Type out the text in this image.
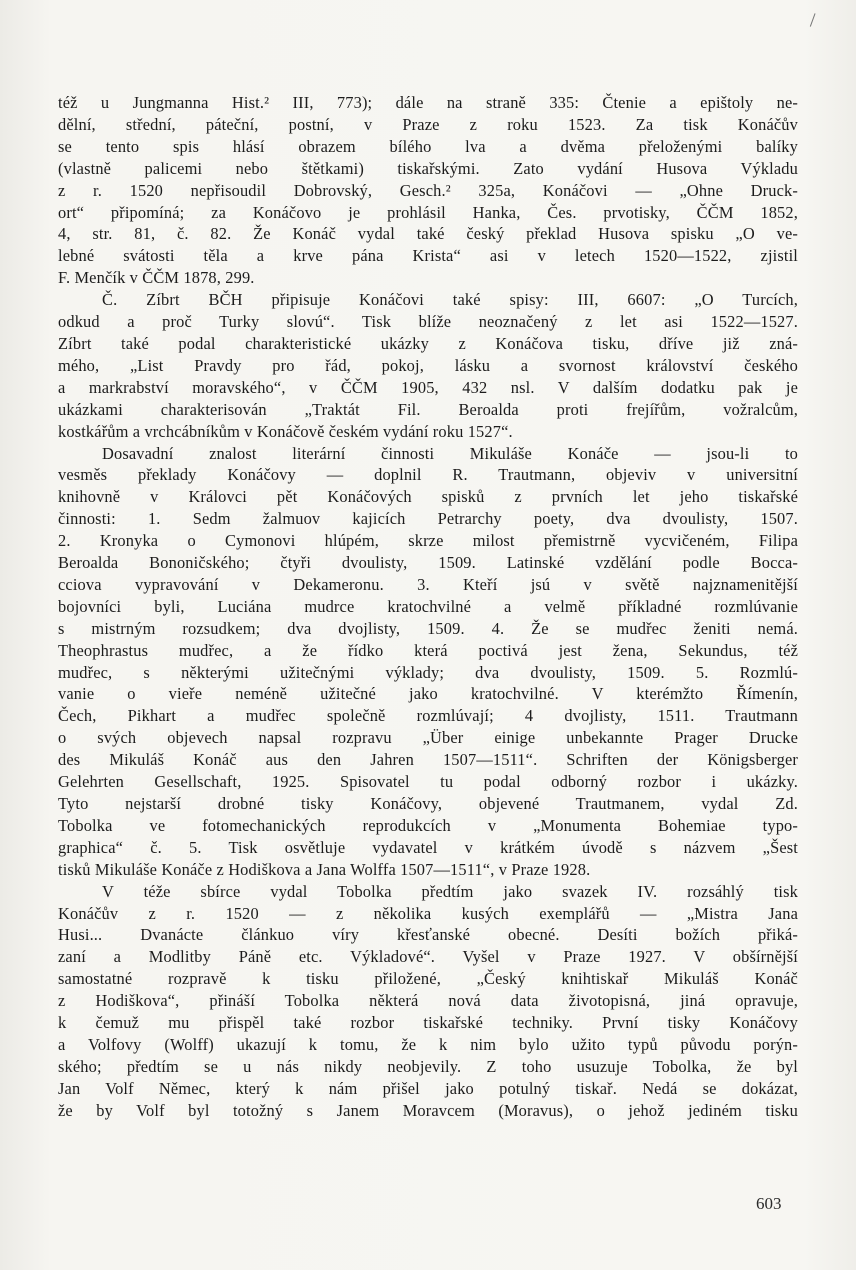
též u Jungmanna Hist.² III, 773); dále na straně 335: Čtenie a epištoly ne-
dělní, střední, páteční, postní, v Praze z roku 1523. Za tisk Konáčův
se tento spis hlásí obrazem bílého lva a dvěma přeloženými balíky
(vlastně palicemi nebo štětkami) tiskařskými. Zato vydání Husova Výkladu
z r. 1520 nepřisoudil Dobrovský, Gesch.² 325a, Konáčovi — „Ohne Druck-
ort“ připomíná; za Konáčovo je prohlásil Hanka, Čes. prvotisky, ČČM 1852,
4, str. 81, č. 82. Že Konáč vydal také český překlad Husova spisku „O ve-
lebné svátosti těla a krve pána Krista“ asi v letech 1520—1522, zjistil
F. Menčík v ČČM 1878, 299.
Č. Zíbrt BČH připisuje Konáčovi také spisy: III, 6607: „O Turcích,
odkud a proč Turky slovú“. Tisk blíže neoznačený z let asi 1522—1527.
Zíbrt také podal charakteristické ukázky z Konáčova tisku, dříve již zná-
mého, „List Pravdy pro řád, pokoj, lásku a svornost království českého
a markrabství moravského“, v ČČM 1905, 432 nsl. V dalším dodatku pak je
ukázkami charakterisován „Traktát Fil. Beroalda proti frejířům, vožralcům,
kostkářům a vrchcábníkům v Konáčově českém vydání roku 1527“.
Dosavadní znalost literární činnosti Mikuláše Konáče — jsou-li to
vesměs překlady Konáčovy — doplnil R. Trautmann, objeviv v universitní
knihovně v Královci pět Konáčových spisků z prvních let jeho tiskařské
činnosti: 1. Sedm žalmuov kajicích Petrarchy poety, dva dvoulisty, 1507.
2. Kronyka o Cymonovi hlúpém, skrze milost přemistrně vycvičeném, Filipa
Beroalda Bononičského; čtyři dvoulisty, 1509. Latinské vzdělání podle Bocca-
cciova vypravování v Dekameronu. 3. Kteří jsú v světě najznamenitější
bojovníci byli, Luciána mudrce kratochvilné a velmě příkladné rozmlúvanie
s mistrným rozsudkem; dva dvojlisty, 1509. 4. Že se mudřec ženiti nemá.
Theophrastus mudřec, a že řídko která poctivá jest žena, Sekundus, též
mudřec, s některými užitečnými výklady; dva dvoulisty, 1509. 5. Rozmlú-
vanie o vieře neméně užitečné jako kratochvilné. V kterémžto Římenín,
Čech, Pikhart a mudřec společně rozmlúvají; 4 dvojlisty, 1511. Trautmann
o svých objevech napsal rozpravu „Über einige unbekannte Prager Drucke
des Mikuláš Konáč aus den Jahren 1507—1511“. Schriften der Königsberger
Gelehrten Gesellschaft, 1925. Spisovatel tu podal odborný rozbor i ukázky.
Tyto nejstarší drobné tisky Konáčovy, objevené Trautmanem, vydal Zd.
Tobolka ve fotomechanických reprodukcích v „Monumenta Bohemiae typo-
graphica“ č. 5. Tisk osvětluje vydavatel v krátkém úvodě s názvem „Šest
tisků Mikuláše Konáče z Hodiškova a Jana Wolffa 1507—1511“, v Praze 1928.
V téže sbírce vydal Tobolka předtím jako svazek IV. rozsáhlý tisk
Konáčův z r. 1520 — z několika kusých exemplářů — „Mistra Jana
Husi... Dvanácte článkuo víry křesťanské obecné. Desíti božích přiká-
zaní a Modlitby Páně etc. Výkladové“. Vyšel v Praze 1927. V obšírnější
samostatné rozpravě k tisku přiložené, „Český knihtiskař Mikuláš Konáč
z Hodiškova“, přináší Tobolka některá nová data životopisná, jiná opravuje,
k čemuž mu přispěl také rozbor tiskařské techniky. První tisky Konáčovy
a Volfovy (Wolff) ukazují k tomu, že k nim bylo užito typů původu porýn-
ského; předtím se u nás nikdy neobjevily. Z toho usuzuje Tobolka, že byl
Jan Volf Němec, který k nám přišel jako potulný tiskař. Nedá se dokázat,
že by Volf byl totožný s Janem Moravcem (Moravus), o jehož jediném tisku
603
